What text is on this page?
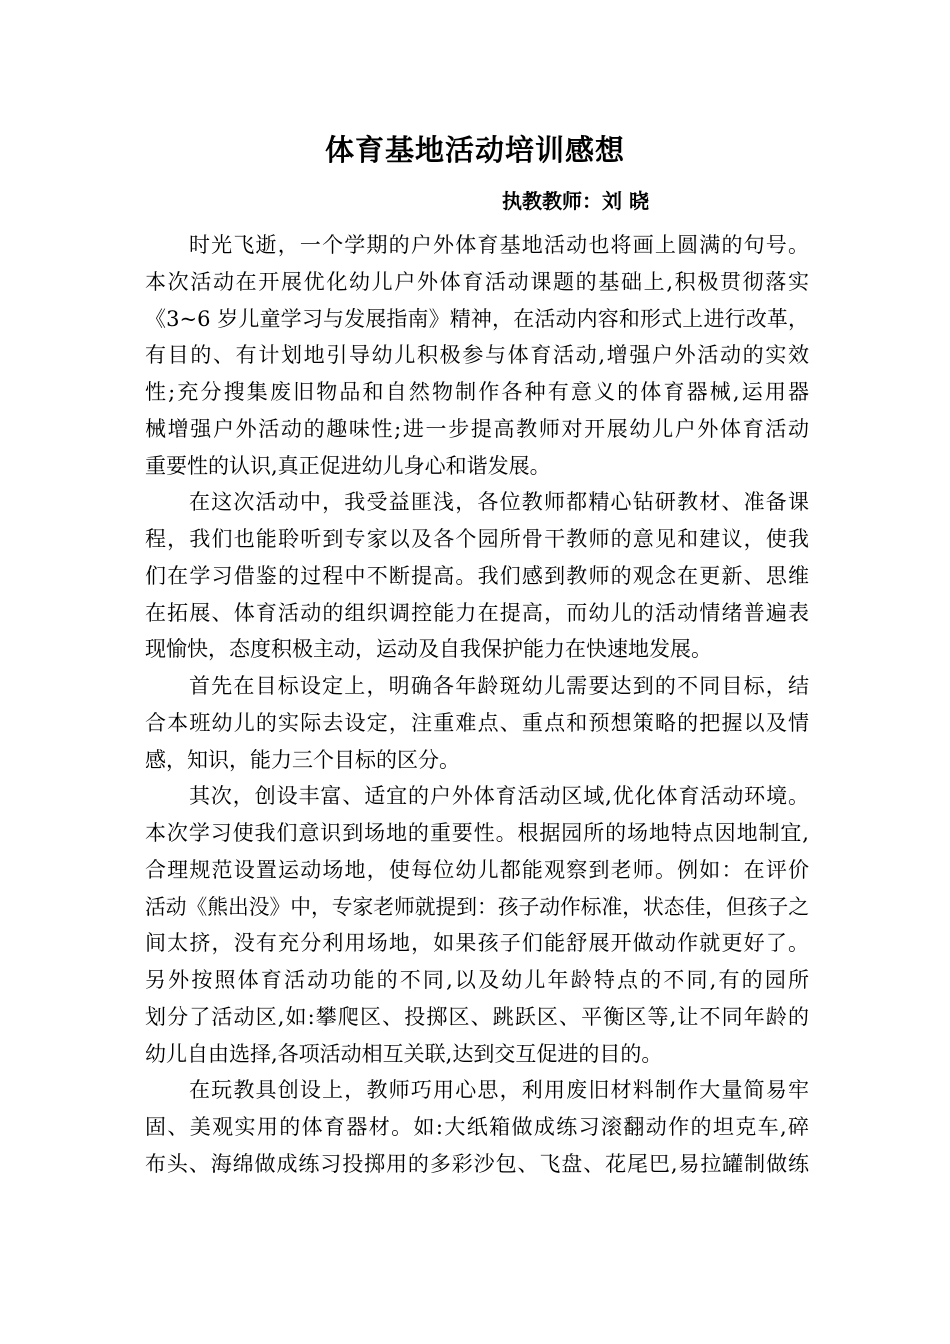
体育基地活动培训感想
执教教师：刘 晓
时光飞逝，一个学期的户外体育基地活动也将画上圆满的句号。
本次活动在开展优化幼儿户外体育活动课题的基础上,积极贯彻落实
《3~6 岁儿童学习与发展指南》精神，在活动内容和形式上进行改革，
有目的、有计划地引导幼儿积极参与体育活动,增强户外活动的实效
性;充分搜集废旧物品和自然物制作各种有意义的体育器械,运用器
械增强户外活动的趣味性;进一步提高教师对开展幼儿户外体育活动
重要性的认识,真正促进幼儿身心和谐发展。
在这次活动中，我受益匪浅，各位教师都精心钻研教材、准备课
程，我们也能聆听到专家以及各个园所骨干教师的意见和建议，使我
们在学习借鉴的过程中不断提高。我们感到教师的观念在更新、思维
在拓展、体育活动的组织调控能力在提高，而幼儿的活动情绪普遍表
现愉快，态度积极主动，运动及自我保护能力在快速地发展。
首先在目标设定上，明确各年龄斑幼儿需要达到的不同目标，结
合本班幼儿的实际去设定，注重难点、重点和预想策略的把握以及情
感，知识，能力三个目标的区分。
其次，创设丰富、适宜的户外体育活动区域,优化体育活动环境。
本次学习使我们意识到场地的重要性。根据园所的场地特点因地制宜,
合理规范设置运动场地，使每位幼儿都能观察到老师。例如：在评价
活动《熊出没》中，专家老师就提到：孩子动作标准，状态佳，但孩子之
间太挤，没有充分利用场地，如果孩子们能舒展开做动作就更好了。
另外按照体育活动功能的不同,以及幼儿年龄特点的不同,有的园所
划分了活动区,如:攀爬区、投掷区、跳跃区、平衡区等,让不同年龄的
幼儿自由选择,各项活动相互关联,达到交互促进的目的。
在玩教具创设上，教师巧用心思，利用废旧材料制作大量简易牢
固、美观实用的体育器材。如:大纸箱做成练习滚翻动作的坦克车,碎
布头、海绵做成练习投掷用的多彩沙包、飞盘、花尾巴,易拉罐制做练
